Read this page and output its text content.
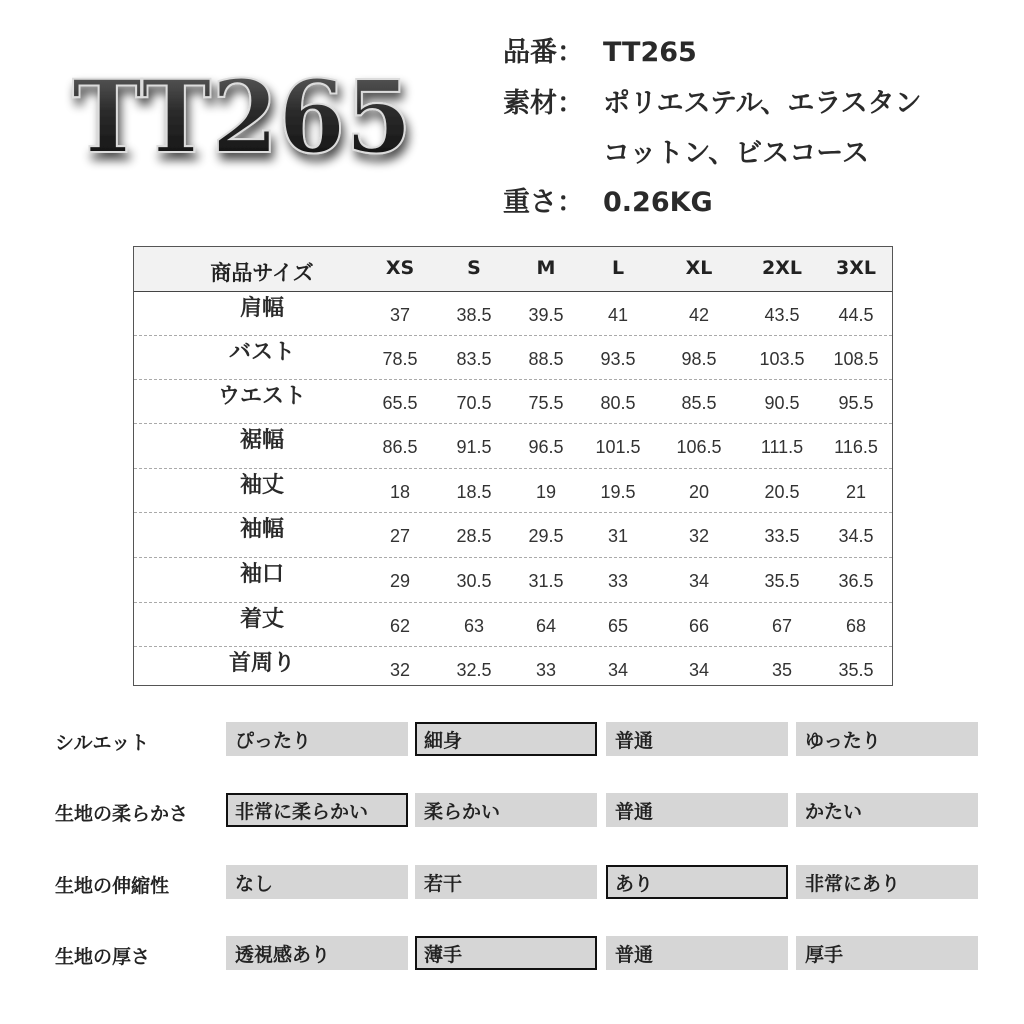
TT265
品番： TT265
素材： ポリエステル、エラスタン
コットン、ビスコース
重さ： 0.26KG
商品サイズ	XS	S	M	L	XL	2XL	3XL
肩幅	37	38.5	39.5	41	42	43.5	44.5
バスト	78.5	83.5	88.5	93.5	98.5	103.5	108.5
ウエスト	65.5	70.5	75.5	80.5	85.5	90.5	95.5
裾幅	86.5	91.5	96.5	101.5	106.5	111.5	116.5
袖丈	18	18.5	19	19.5	20	20.5	21
袖幅	27	28.5	29.5	31	32	33.5	34.5
袖口	29	30.5	31.5	33	34	35.5	36.5
着丈	62	63	64	65	66	67	68
首周り	32	32.5	33	34	34	35	35.5
シルエット	ぴったり	細身	普通	ゆったり
生地の柔らかさ	非常に柔らかい	柔らかい	普通	かたい
生地の伸縮性	なし	若干	あり	非常にあり
生地の厚さ	透視感あり	薄手	普通	厚手
